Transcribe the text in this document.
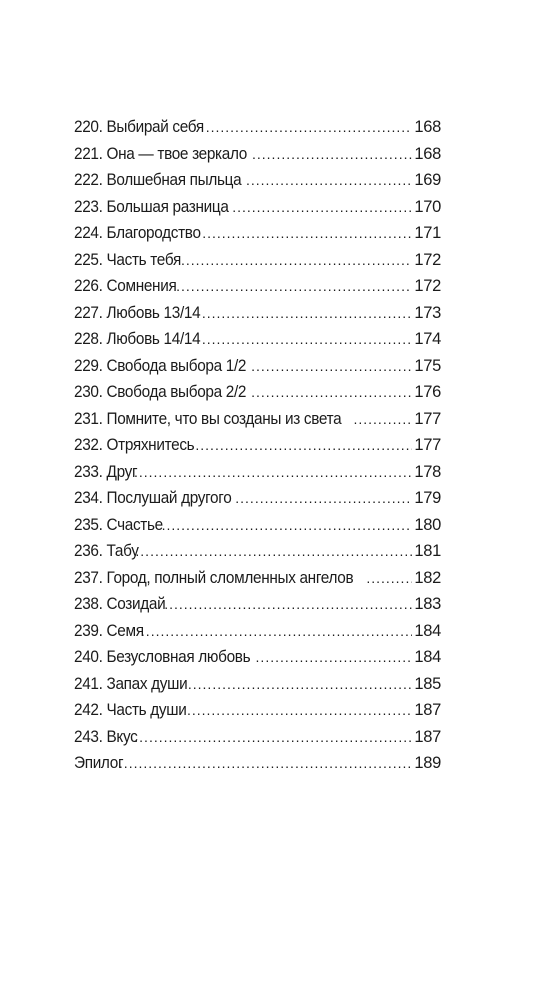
220. Выбирай себя .....	168
221. Она — твое зеркало .....	168
222. Волшебная пыльца .....	169
223. Большая разница .....	170
224. Благородство .....	171
225. Часть тебя .....	172
226. Сомнения .....	172
227. Любовь 13/14 .....	173
228. Любовь 14/14 .....	174
229. Свобода выбора 1/2 .....	175
230. Свобода выбора 2/2 .....	176
231. Помните, что вы созданы из света .....	177
232. Отряхнитесь .....	177
233. Друг .....	178
234. Послушай другого .....	179
235. Счастье .....	180
236. Табу .....	181
237. Город, полный сломленных ангелов .....	182
238. Созидай .....	183
239. Семя .....	184
240. Безусловная любовь .....	184
241. Запах души .....	185
242. Часть души .....	187
243. Вкус .....	187
Эпилог .....	189
